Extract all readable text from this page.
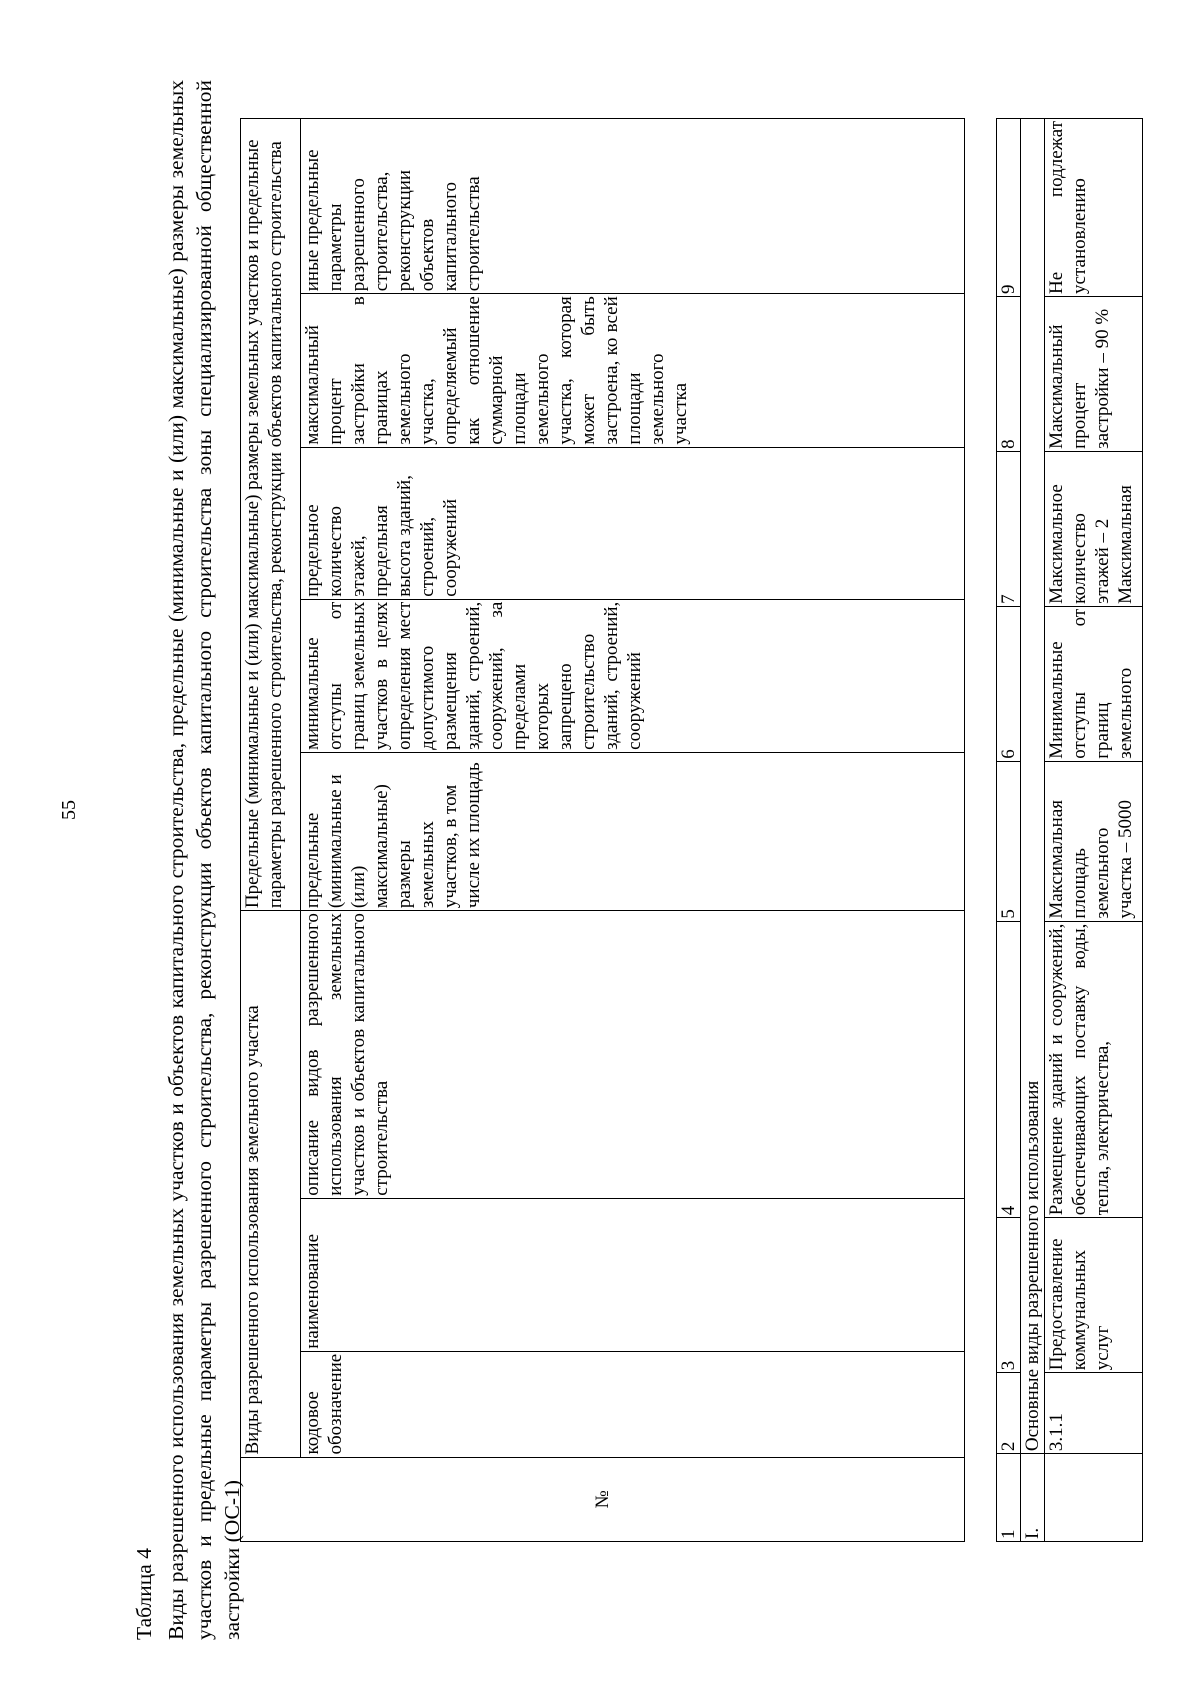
55
Таблица 4 Виды разрешенного использования земельных участков и объектов капитального строительства, предельные (минимальные и (или) максимальные) размеры земельных участков и предельные параметры разрешенного строительства, реконструкции объектов капитального строительства зоны специализированной общественной застройки (ОС-1)	№	Виды разрешенного использования земельного участка			Предельные (минимальные и (или) максимальные) размеры земельных участков и предельные параметры разрешенного строительства, реконструкции объектов капитального строительства				
	кодовое обозначение	наименование	описание видов разрешенного использования земельных участков и объектов капитального строительства	предельные (минимальные и (или) максимальные) размеры земельных участков, в том числе их площадь	минимальные отступы от границ земельных участков в целях определения мест допустимого размещения зданий, строений, сооружений, за пределами которых запрещено строительство зданий, строений, сооружений	предельное количество этажей, предельная высота зданий, строений, сооружений	максимальный процент застройки в границах земельного участка, определяемый как отношение суммарной площади земельного участка, которая может быть застроена, ко всей площади земельного участка	иные предельные параметры разрешенного строительства, реконструкции объектов капитального строительства
1	2	3	4	5	6	7	8	9
I.	Основные виды разрешенного использования							
	3.1.1	Предоставление коммунальных услуг	Размещение зданий и сооружений, обеспечивающих поставку воды, тепла, электричества,	Максимальная площадь земельного участка – 5000	Минимальные отступы от границ земельного	Максимальное количество этажей – 2 Максимальная	Максимальный процент застройки – 90 %	Не подлежат установлению
